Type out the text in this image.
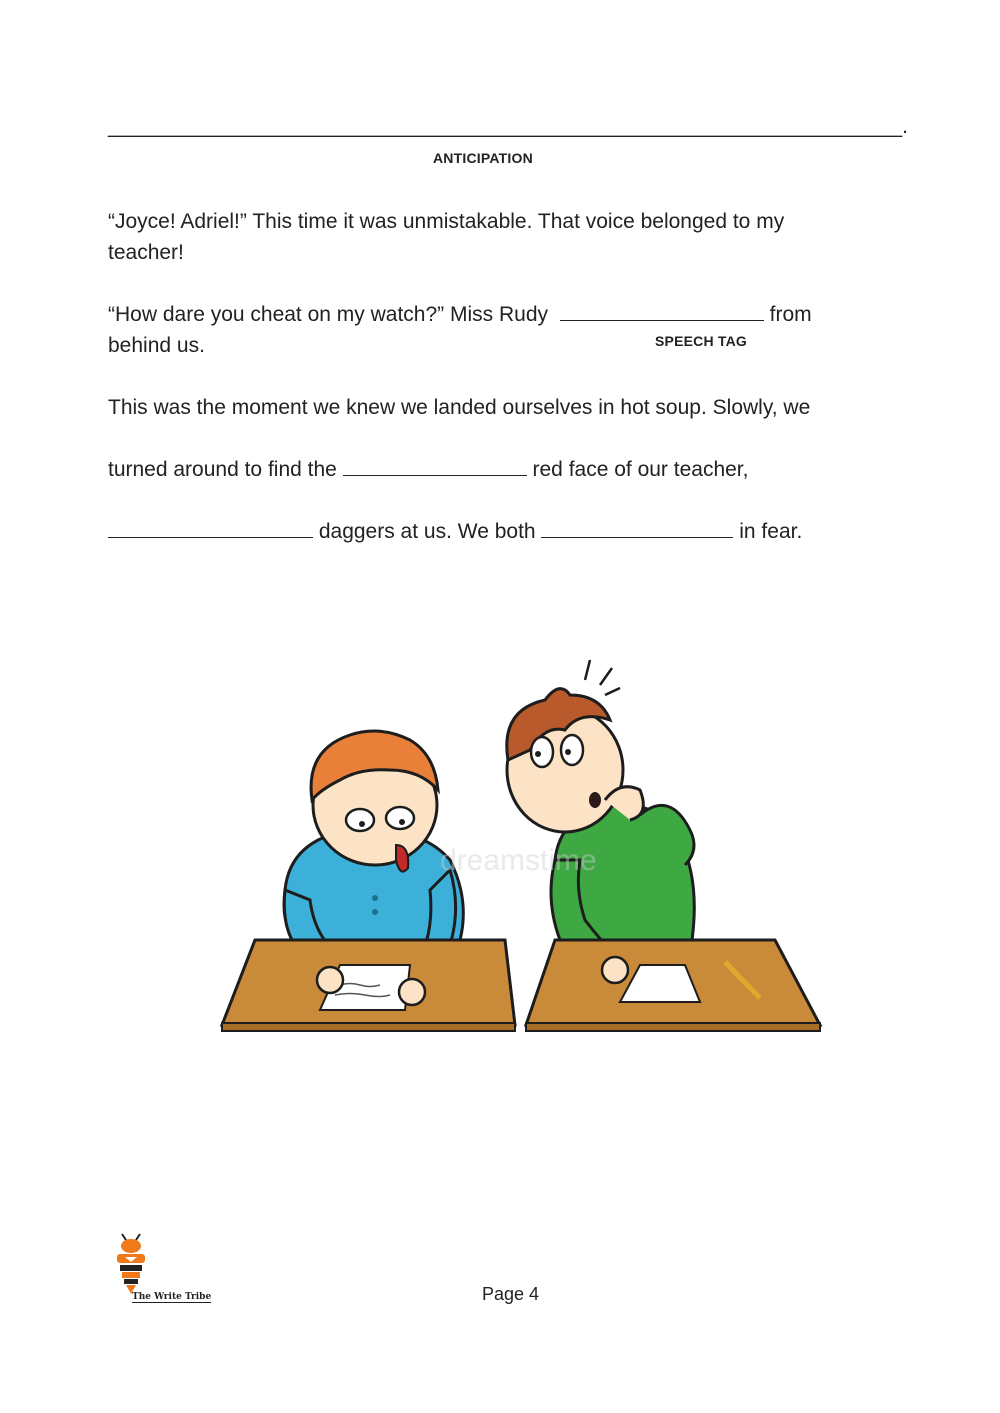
____________________________________________________________________.
ANTICIPATION
“Joyce! Adriel!” This time it was unmistakable. That voice belonged to my
teacher!
“How dare you cheat on my watch?” Miss Rudy	from
behind us.	SPEECH TAG
This was the moment we knew we landed ourselves in hot soup. Slowly, we
turned around to find the	red face of our teacher,
daggers at us. We both	in fear.
dreamstime
The Write Tribe	Page 4
